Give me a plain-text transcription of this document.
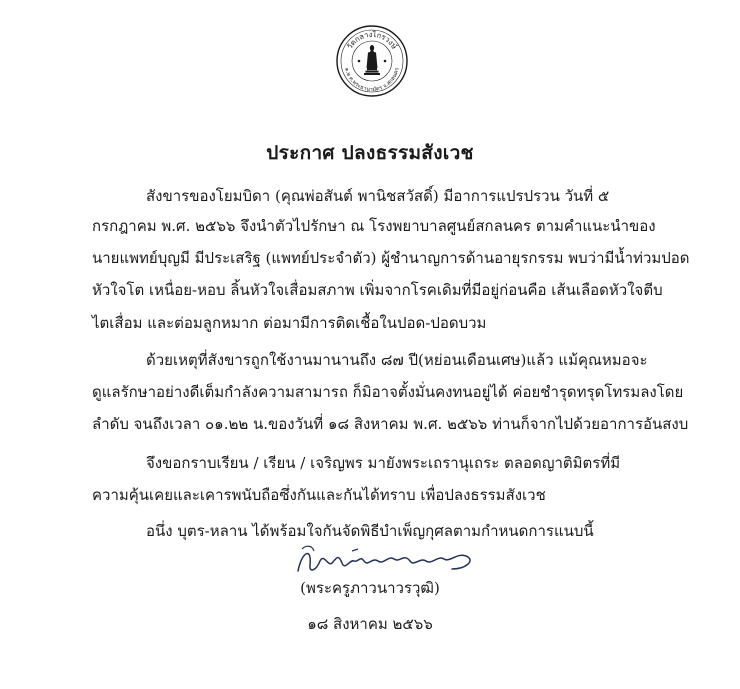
วัดกลางไกรวงษ์
๑.๒ ต.พระธานามัตร จ.สกลนคร
ประกาศ ปลงธรรมสังเวช
สังขารของโยมบิดา (คุณพ่อสันต์ พานิชสวัสดิ์) มีอาการแปรปรวน วันที่ ๕
กรกฎาคม พ.ศ. ๒๕๖๖ จึงนำตัวไปรักษา ณ โรงพยาบาลศูนย์สกลนคร ตามคำแนะนำของ
นายแพทย์บุญมี มีประเสริฐ (แพทย์ประจำตัว) ผู้ชำนาญการด้านอายุรกรรม พบว่ามีน้ำท่วมปอด
หัวใจโต เหนื่อย-หอบ ลิ้นหัวใจเสื่อมสภาพ เพิ่มจากโรคเดิมที่มีอยู่ก่อนคือ เส้นเลือดหัวใจตีบ
ไตเสื่อม และต่อมลูกหมาก ต่อมามีการติดเชื้อในปอด-ปอดบวม
ด้วยเหตุที่สังขารถูกใช้งานมานานถึง ๘๗ ปี(หย่อนเดือนเศษ)แล้ว แม้คุณหมอจะ
ดูแลรักษาอย่างดีเต็มกำลังความสามารถ ก็มิอาจตั้งมั่นคงทนอยู่ได้ ค่อยชำรุดทรุดโทรมลงโดย
ลำดับ จนถึงเวลา ๐๑.๒๒ น.ของวันที่ ๑๘ สิงหาคม พ.ศ. ๒๕๖๖ ท่านก็จากไปด้วยอาการอันสงบ
จึงขอกราบเรียน / เรียน / เจริญพร มายังพระเถรานุเถระ ตลอดญาติมิตรที่มี
ความคุ้นเคยและเคารพนับถือซึ่งกันและกันได้ทราบ เพื่อปลงธรรมสังเวช
อนึ่ง บุตร-หลาน ได้พร้อมใจกันจัดพิธีบำเพ็ญกุศลตามกำหนดการแนบนี้
(พระครูภาวนาวรวุฒิ)
๑๘ สิงหาคม ๒๕๖๖
